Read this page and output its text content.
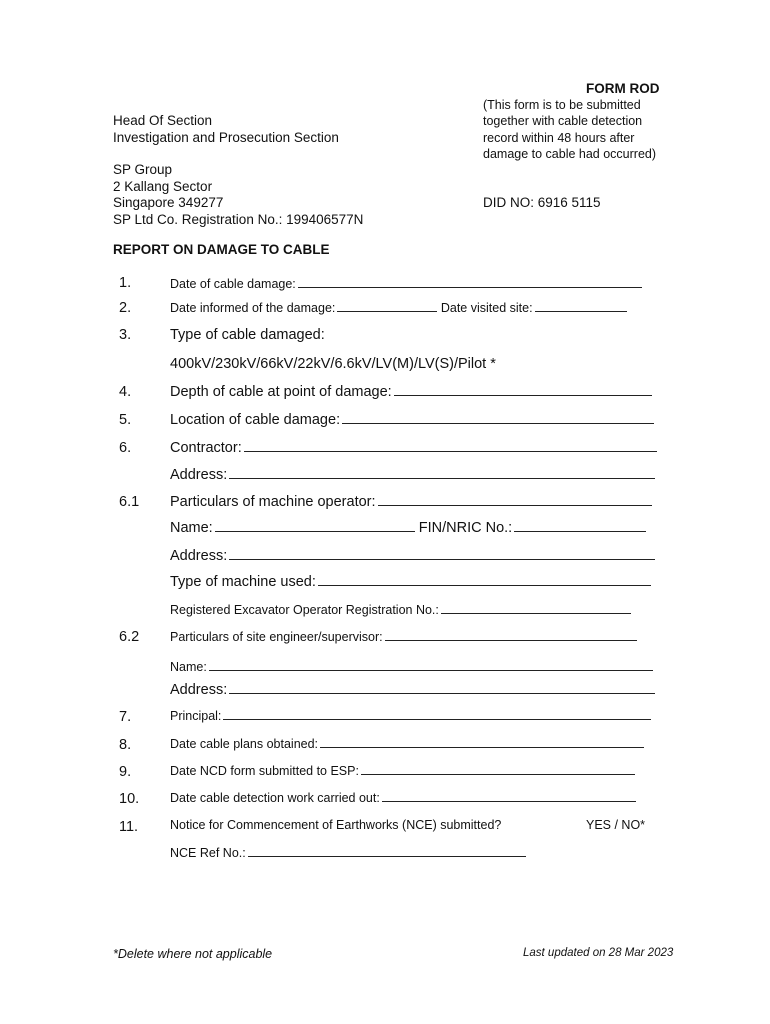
FORM ROD
(This form is to be submitted
together with cable detection
record within 48 hours after
damage to cable had occurred)
DID NO: 6916 5115
Head Of Section
Investigation and Prosecution Section
SP Group
2 Kallang Sector
Singapore 349277
SP Ltd Co. Registration No.: 199406577N
REPORT ON DAMAGE TO CABLE
1.	Date of cable damage:
2.	Date informed of the damage:	Date visited site:
3.	Type of cable damaged:
400kV/230kV/66kV/22kV/6.6kV/LV(M)/LV(S)/Pilot *
4.	Depth of cable at point of damage:
5.	Location of cable damage:
6.	Contractor:
Address:
6.1 Particulars of machine operator:
Name:	FIN/NRIC No.:
Address:
Type of machine used:
Registered Excavator Operator Registration No.:
6.2 Particulars of site engineer/supervisor:
Name:
Address:
7.	Principal:
8.	Date cable plans obtained:
9.	Date NCD form submitted to ESP:
10. Date cable detection work carried out:
11.	Notice for Commencement of Earthworks (NCE) submitted?	YES / NO*
NCE Ref No.:
*Delete where not applicable	Last updated on 28 Mar 2023
